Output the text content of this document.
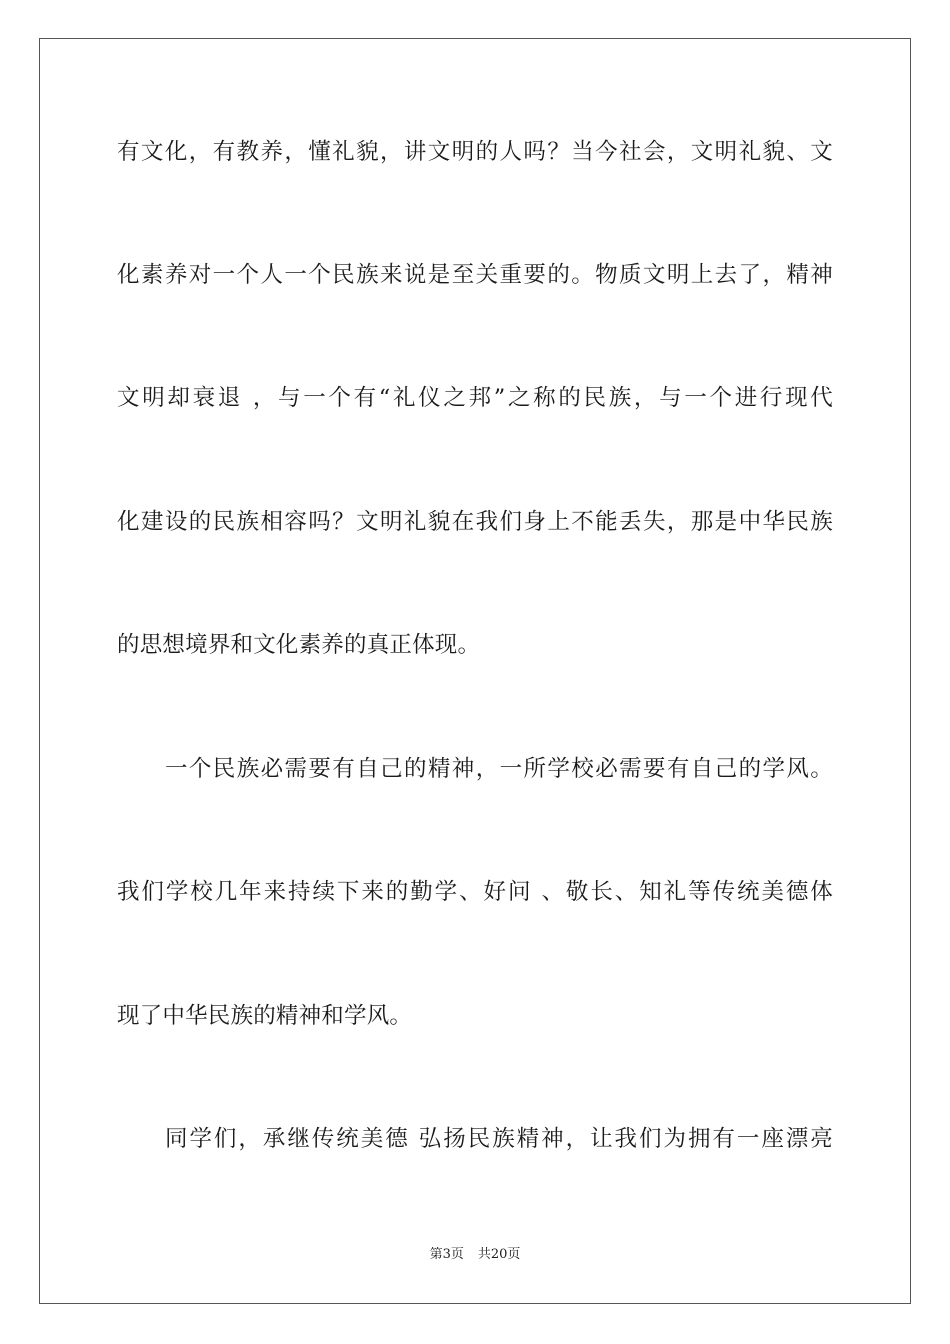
有文化，有教养，懂礼貌，讲文明的人吗？当今社会，文明礼貌、文
化素养对一个人一个民族来说是至关重要的。物质文明上去了，精神
文明却衰退 ，与一个有“礼仪之邦”之称的民族，与一个进行现代
化建设的民族相容吗？文明礼貌在我们身上不能丢失，那是中华民族
的思想境界和文化素养的真正体现。
一个民族必需要有自己的精神，一所学校必需要有自己的学风。
我们学校几年来持续下来的勤学、好问 、敬长、知礼等传统美德体
现了中华民族的精神和学风。
同学们，承继传统美德 弘扬民族精神，让我们为拥有一座漂亮
第3页 共20页
